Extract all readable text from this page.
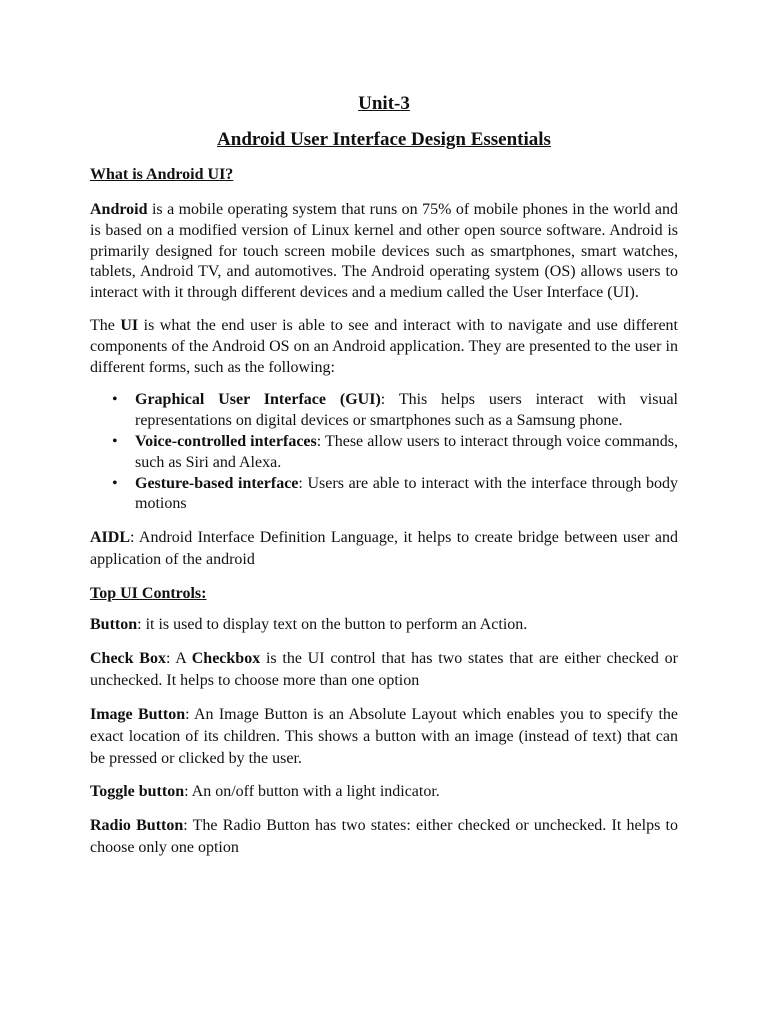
Unit-3
Android User Interface Design Essentials
What is Android UI?

Android is a mobile operating system that runs on 75% of mobile phones in the world and is based on a modified version of Linux kernel and other open source software. Android is primarily designed for touch screen mobile devices such as smartphones, smart watches, tablets, Android TV, and automotives. The Android operating system (OS) allows users to interact with it through different devices and a medium called the User Interface (UI).

The UI is what the end user is able to see and interact with to navigate and use different components of the Android OS on an Android application. They are presented to the user in different forms, such as the following:

• Graphical User Interface (GUI): This helps users interact with visual representations on digital devices or smartphones such as a Samsung phone.
• Voice-controlled interfaces: These allow users to interact through voice commands, such as Siri and Alexa.
• Gesture-based interface: Users are able to interact with the interface through body motions

AIDL: Android Interface Definition Language, it helps to create bridge between user and application of the android

Top UI Controls:

Button: it is used to display text on the button to perform an Action.

Check Box: A Checkbox is the UI control that has two states that are either checked or unchecked. It helps to choose more than one option

Image Button: An Image Button is an Absolute Layout which enables you to specify the exact location of its children. This shows a button with an image (instead of text) that can be pressed or clicked by the user.

Toggle button: An on/off button with a light indicator.

Radio Button: The Radio Button has two states: either checked or unchecked. It helps to choose only one option
